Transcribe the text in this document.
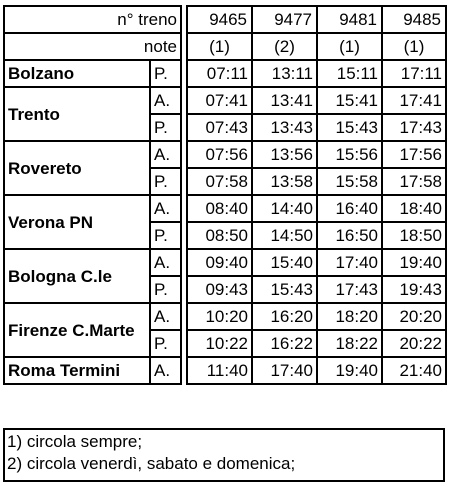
n° treno			9465	9477	9481	9485
note			(1)	(2)	(1)	(1)
Bolzano	P.		07:11	13:11	15:11	17:11
Trento	A.		07:41	13:41	15:41	17:41
	P.		07:43	13:43	15:43	17:43
Rovereto	A.		07:56	13:56	15:56	17:56
	P.		07:58	13:58	15:58	17:58
Verona PN	A.		08:40	14:40	16:40	18:40
	P.		08:50	14:50	16:50	18:50
Bologna C.le	A.		09:40	15:40	17:40	19:40
	P.		09:43	15:43	17:43	19:43
Firenze C.Marte	A.		10:20	16:20	18:20	20:20
	P.		10:22	16:22	18:22	20:22
Roma Termini	A.		11:40	17:40	19:40	21:40
1) circola sempre;
2) circola venerdì, sabato e domenica;
